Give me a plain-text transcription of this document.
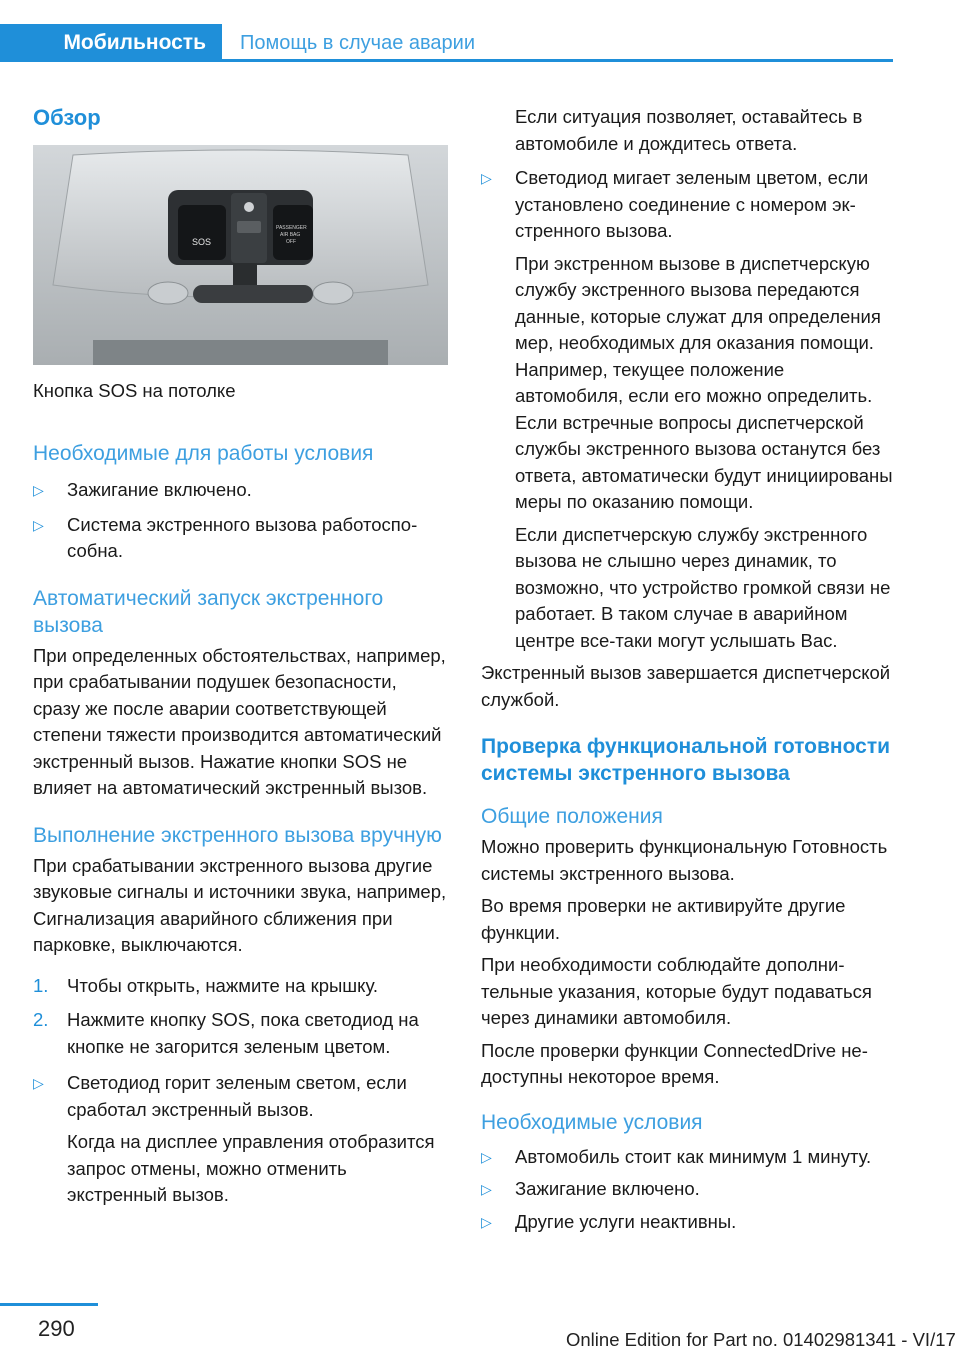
Мобильность Помощь в случае аварии
Обзор
SOS
PASSENGER
AIR BAG
OFF

Кнопка SOS на потолке

Необходимые для работы условия
▷ Зажигание включено.
▷ Система экстренного вызова работоспособна.
Автоматический запуск экстренного вызова

При определенных обстоятельствах, например, при срабатывании подушек безопасности, сразу же после аварии соответствующей степени тяжести производится автоматический экстренный вызов. Нажатие кнопки SOS не влияет на автоматический экстренный вызов.

Выполнение экстренного вызова вручную

При срабатывании экстренного вызова другие звуковые сигналы и источники звука, например, Сигнализация аварийного сближения при парковке, выключаются.

1. Чтобы открыть, нажмите на крышку.
2. Нажмите кнопку SOS, пока светодиод на кнопке не загорится зеленым цветом.
▷ Светодиод горит зеленым светом, если сработал экстренный вызов.

Когда на дисплее управления отобразится запрос отмены, можно отменить экстренный вызов.

Если ситуация позволяет, оставайтесь в автомобиле и дождитесь ответа.

▷ Светодиод мигает зеленым цветом, если установлено соединение с номером экстренного вызова.

При экстренном вызове в диспетчерскую службу экстренного вызова передаются данные, которые служат для определения мер, необходимых для оказания помощи. Например, текущее положение автомобиля, если его можно определить. Если встречные вопросы диспетчерской службы экстренного вызова останутся без ответа, автоматически будут инициированы меры по оказанию помощи.

Если диспетчерскую службу экстренного вызова не слышно через динамик, то возможно, что устройство громкой связи не работает. В таком случае в аварийном центре все-таки могут услышать Вас.

Экстренный вызов завершается диспетчерской службой.

Проверка функциональной готовности системы экстренного вызова
Общие положения

Можно проверить функциональную Готовность системы экстренного вызова.

Во время проверки не активируйте другие функции.

При необходимости соблюдайте дополнительные указания, которые будут подаваться через динамики автомобиля.

После проверки функции ConnectedDrive недоступны некоторое время.

Необходимые условия
▷ Автомобиль стоит как минимум 1 минуту.
▷ Зажигание включено.
▷ Другие услуги неактивны.
290	Online Edition for Part no. 01402981341 - VI/17
